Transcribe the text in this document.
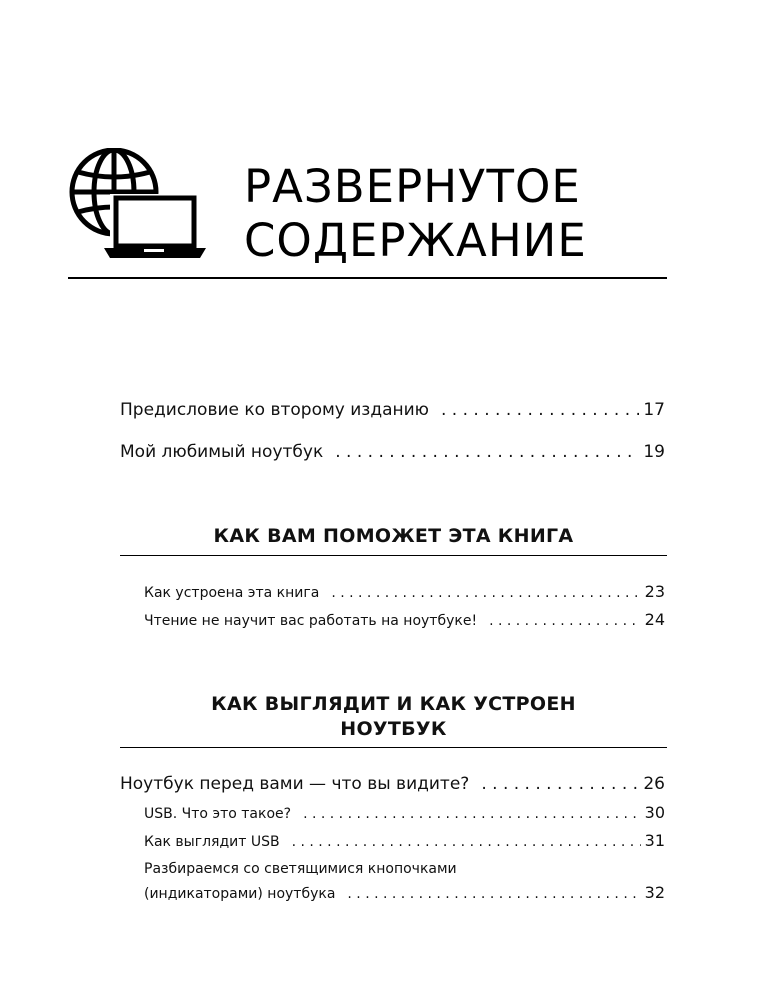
РАЗВЕРНУТОЕ
СОДЕРЖАНИЕ
Предисловие ко второму изданию . . .	17
Мой любимый ноутбук . . .	19
КАК ВАМ ПОМОЖЕТ ЭТА КНИГА
Как устроена эта книга . . .	23
Чтение не научит вас работать на ноутбуке! . . .	24
КАК ВЫГЛЯДИТ И КАК УСТРОЕН
НОУТБУК
Ноутбук перед вами — что вы видите? . . .	26
USB. Что это такое? . . .	30
Как выглядит USB . . .	31
Разбираемся со светящимися кнопочками
(индикаторами) ноутбука . . .	32
